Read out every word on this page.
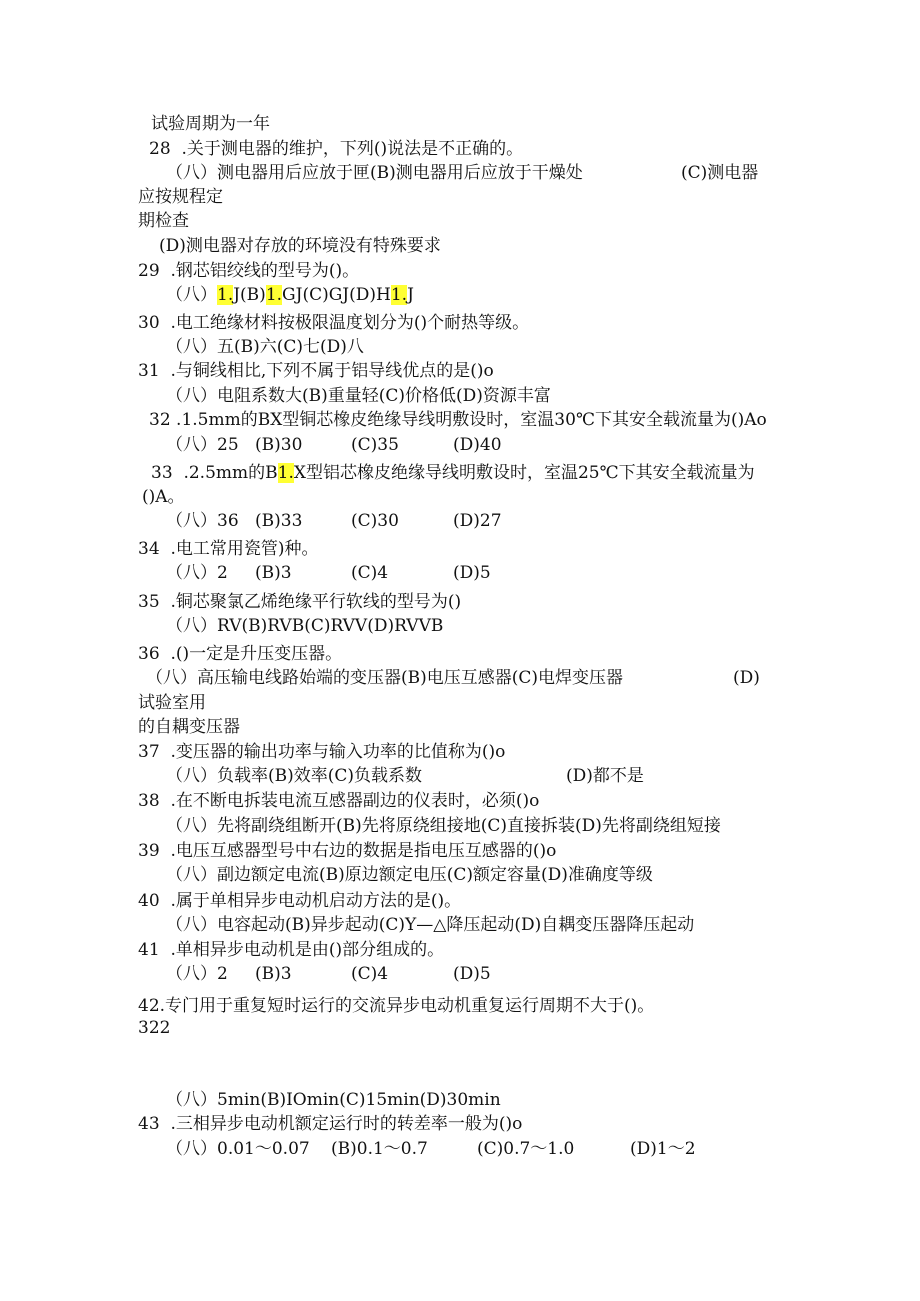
试验周期为一年
28  .关于测电器的维护，下列()说法是不正确的。
（八）测电器用后应放于匣(B)测电器用后应放于干燥处	(C)测电器
应按规程定
期检查
(D)测电器对存放的环境没有特殊要求
29  .钢芯铝绞线的型号为()。
（八）1.J(B)1.GJ(C)GJ(D)H1.J
30  .电工绝缘材料按极限温度划分为()个耐热等级。
（八）五(B)六(C)七(D)八
31  .与铜线相比,下列不属于铝导线优点的是()o
（八）电阻系数大(B)重量轻(C)价格低(D)资源丰富
32 .1.5mm的BX型铜芯橡皮绝缘导线明敷设时，室温30℃下其安全载流量为()Ao
（八）25 (B)30	(C)35	(D)40
33  .2.5mm的B1.X型铝芯橡皮绝缘导线明敷设时，室温25℃下其安全载流量为
()A。
（八）36 (B)33	(C)30	(D)27
34  .电工常用瓷管)种。
（八）2 (B)3	(C)4	(D)5
35  .铜芯聚氯乙烯绝缘平行软线的型号为()
（八）RV(B)RVB(C)RVV(D)RVVB
36  .()一定是升压变压器。
（八）高压输电线路始端的变压器(B)电压互感器(C)电焊变压器	(D)
试验室用
的自耦变压器
37  .变压器的输出功率与输入功率的比值称为()o
（八）负载率(B)效率(C)负载系数	(D)都不是
38  .在不断电拆装电流互感器副边的仪表时，必须()o
（八）先将副绕组断开(B)先将原绕组接地(C)直接拆装(D)先将副绕组短接
39  .电压互感器型号中右边的数据是指电压互感器的()o
（八）副边额定电流(B)原边额定电压(C)额定容量(D)准确度等级
40  .属于单相异步电动机启动方法的是()。
（八）电容起动(B)异步起动(C)Y—△降压起动(D)自耦变压器降压起动
41  .单相异步电动机是由()部分组成的。
（八）2 (B)3	(C)4	(D)5
42.专门用于重复短时运行的交流异步电动机重复运行周期不大于()。
322
（八）5min(B)IOmin(C)15min(D)30min
43  .三相异步电动机额定运行时的转差率一般为()o
（八）0.01～0.07 (B)0.1～0.7	(C)0.7～1.0	(D)1～2
